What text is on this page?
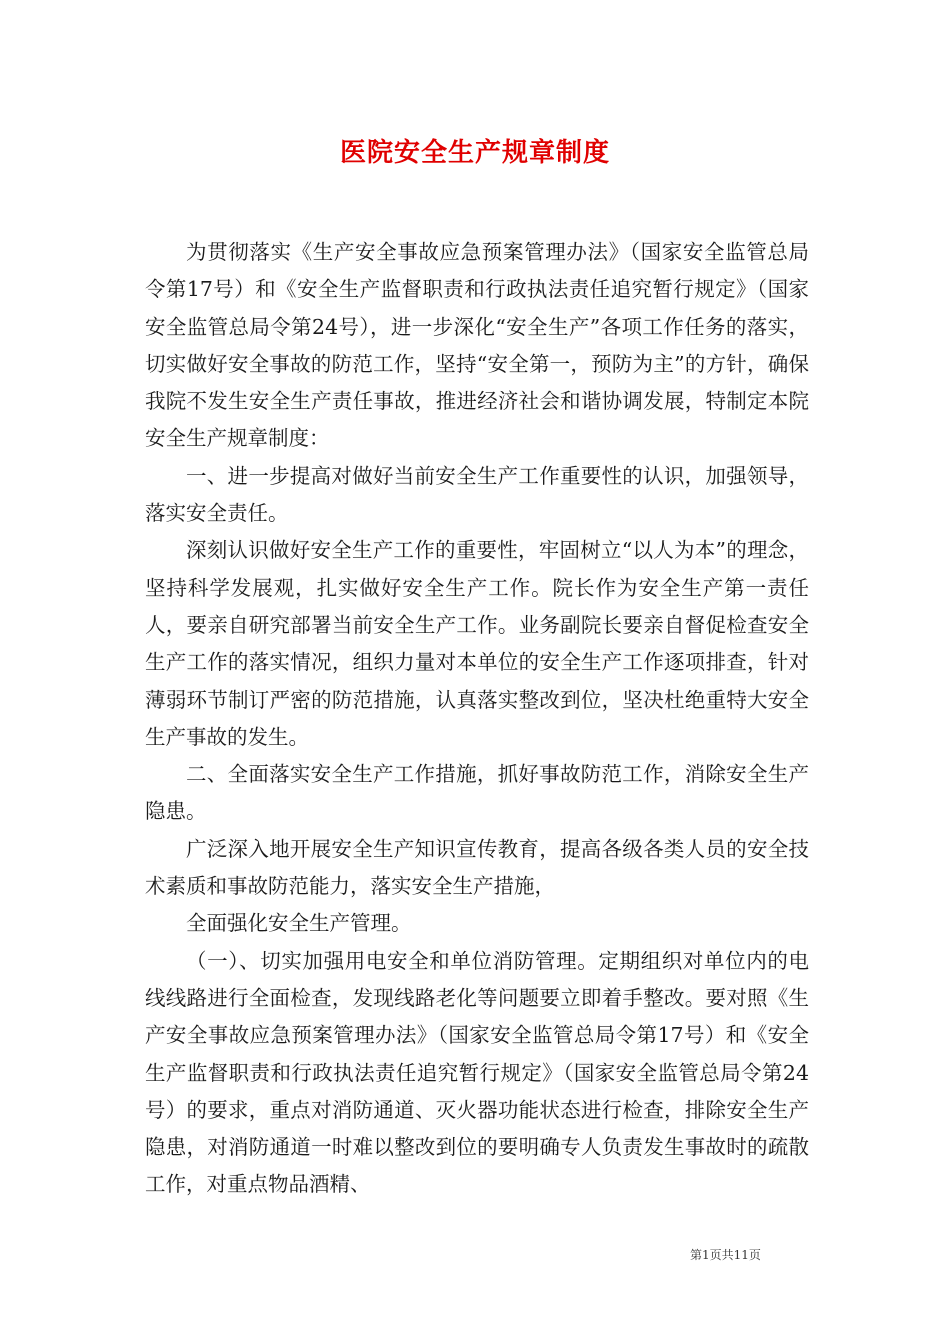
医院安全生产规章制度

为贯彻落实《生产安全事故应急预案管理办法》（国家安全监管总局令第17号）和《安全生产监督职责和行政执法责任追究暂行规定》（国家安全监管总局令第24号），进一步深化“安全生产”各项工作任务的落实，切实做好安全事故的防范工作，坚持“安全第一，预防为主”的方针，确保我院不发生安全生产责任事故，推进经济社会和谐协调发展，特制定本院安全生产规章制度：

一、进一步提高对做好当前安全生产工作重要性的认识，加强领导，落实安全责任。

深刻认识做好安全生产工作的重要性，牢固树立“以人为本”的理念，坚持科学发展观，扎实做好安全生产工作。院长作为安全生产第一责任人，要亲自研究部署当前安全生产工作。业务副院长要亲自督促检查安全生产工作的落实情况，组织力量对本单位的安全生产工作逐项排查，针对薄弱环节制订严密的防范措施，认真落实整改到位，坚决杜绝重特大安全生产事故的发生。

二、全面落实安全生产工作措施，抓好事故防范工作，消除安全生产隐患。

广泛深入地开展安全生产知识宣传教育，提高各级各类人员的安全技术素质和事故防范能力，落实安全生产措施，

全面强化安全生产管理。

（一）、切实加强用电安全和单位消防管理。定期组织对单位内的电线线路进行全面检查，发现线路老化等问题要立即着手整改。要对照《生产安全事故应急预案管理办法》（国家安全监管总局令第17号）和《安全生产监督职责和行政执法责任追究暂行规定》（国家安全监管总局令第24号）的要求，重点对消防通道、灭火器功能状态进行检查，排除安全生产隐患，对消防通道一时难以整改到位的要明确专人负责发生事故时的疏散工作，对重点物品酒精、

第1页共11页
